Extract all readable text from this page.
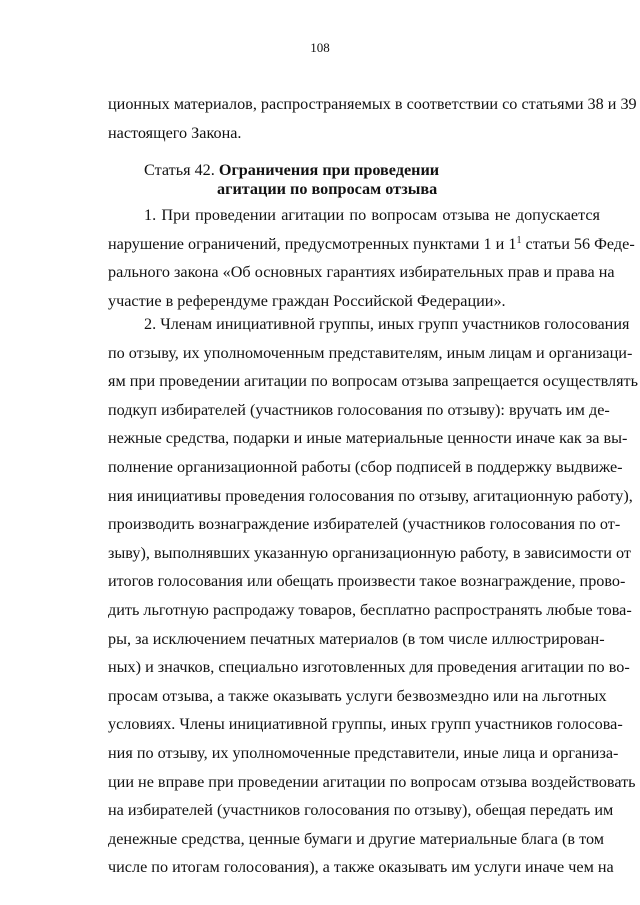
108
ционных материалов, распространяемых в соответствии со статьями 38 и 39
настоящего Закона.
Статья 42. Ограничения при проведении
агитации по вопросам отзыва
1. При проведении агитации по вопросам отзыва не допускается
нарушение ограничений, предусмотренных пунктами 1 и $1^1$ статьи 56 Феде-
рального закона «Об основных гарантиях избирательных прав и права на
участие в референдуме граждан Российской Федерации».
2. Членам инициативной группы, иных групп участников голосования
по отзыву, их уполномоченным представителям, иным лицам и организаци-
ям при проведении агитации по вопросам отзыва запрещается осуществлять
подкуп избирателей (участников голосования по отзыву): вручать им де-
нежные средства, подарки и иные материальные ценности иначе как за вы-
полнение организационной работы (сбор подписей в поддержку выдвиже-
ния инициативы проведения голосования по отзыву, агитационную работу),
производить вознаграждение избирателей (участников голосования по от-
зыву), выполнявших указанную организационную работу, в зависимости от
итогов голосования или обещать произвести такое вознаграждение, прово-
дить льготную распродажу товаров, бесплатно распространять любые това-
ры, за исключением печатных материалов (в том числе иллюстрирован-
ных) и значков, специально изготовленных для проведения агитации по во-
просам отзыва, а также оказывать услуги безвозмездно или на льготных
условиях. Члены инициативной группы, иных групп участников голосова-
ния по отзыву, их уполномоченные представители, иные лица и организа-
ции не вправе при проведении агитации по вопросам отзыва воздействовать
на избирателей (участников голосования по отзыву), обещая передать им
денежные средства, ценные бумаги и другие материальные блага (в том
числе по итогам голосования), а также оказывать им услуги иначе чем на
